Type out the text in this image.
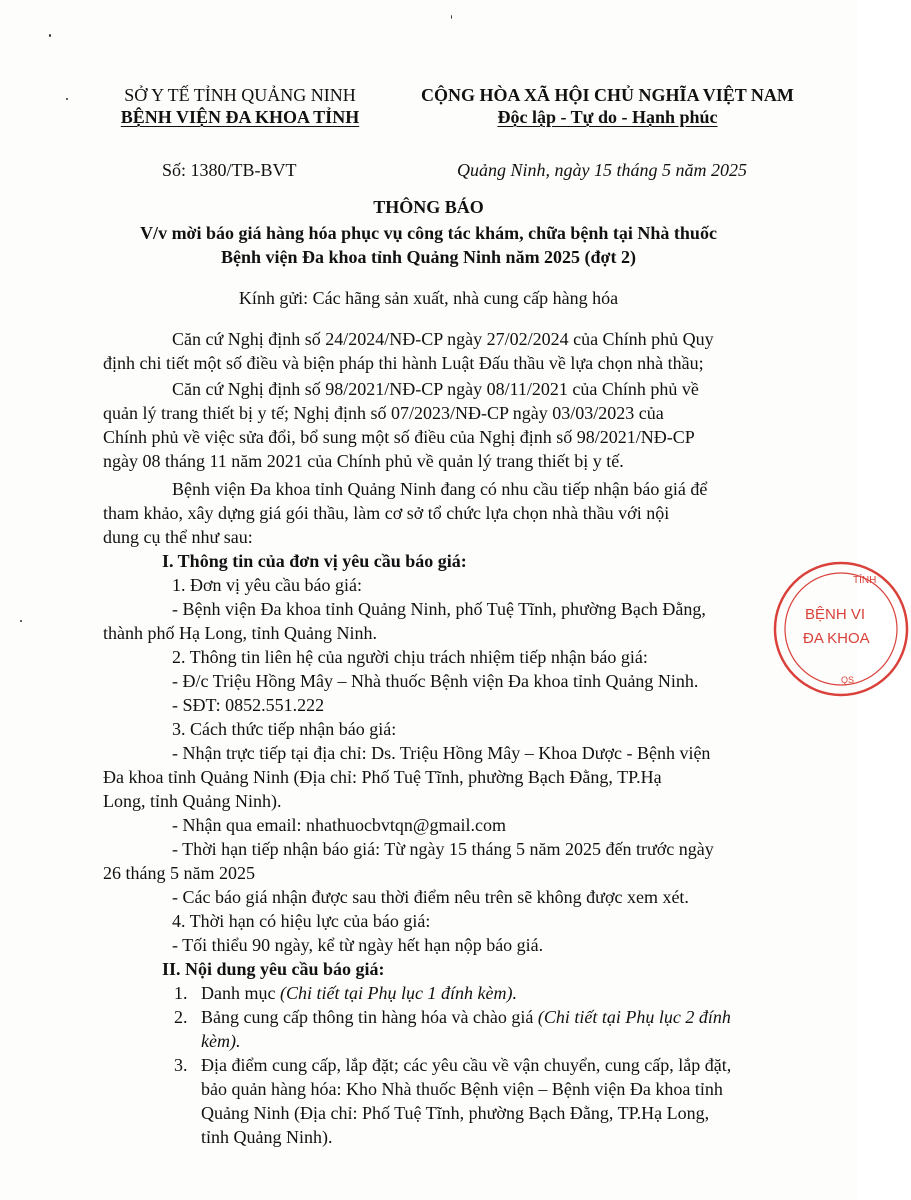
SỞ Y TẾ TỈNH QUẢNG NINH
BỆNH VIỆN ĐA KHOA TỈNH
CỘNG HÒA XÃ HỘI CHỦ NGHĨA VIỆT NAM
Độc lập - Tự do - Hạnh phúc
Số: 1380/TB-BVT	Quảng Ninh, ngày 15 tháng 5 năm 2025
THÔNG BÁO
V/v mời báo giá hàng hóa phục vụ công tác khám, chữa bệnh tại Nhà thuốc
Bệnh viện Đa khoa tỉnh Quảng Ninh năm 2025 (đợt 2)
Kính gửi: Các hãng sản xuất, nhà cung cấp hàng hóa
Căn cứ Nghị định số 24/2024/NĐ-CP ngày 27/02/2024 của Chính phủ Quy
định chi tiết một số điều và biện pháp thi hành Luật Đấu thầu về lựa chọn nhà thầu;
Căn cứ Nghị định số 98/2021/NĐ-CP ngày 08/11/2021 của Chính phủ về
quản lý trang thiết bị y tế; Nghị định số 07/2023/NĐ-CP ngày 03/03/2023 của
Chính phủ về việc sửa đổi, bổ sung một số điều của Nghị định số 98/2021/NĐ-CP
ngày 08 tháng 11 năm 2021 của Chính phủ về quản lý trang thiết bị y tế.
Bệnh viện Đa khoa tỉnh Quảng Ninh đang có nhu cầu tiếp nhận báo giá để
tham khảo, xây dựng giá gói thầu, làm cơ sở tổ chức lựa chọn nhà thầu với nội
dung cụ thể như sau:
I. Thông tin của đơn vị yêu cầu báo giá:
1. Đơn vị yêu cầu báo giá:
- Bệnh viện Đa khoa tỉnh Quảng Ninh, phố Tuệ Tĩnh, phường Bạch Đằng,
thành phố Hạ Long, tỉnh Quảng Ninh.
2. Thông tin liên hệ của người chịu trách nhiệm tiếp nhận báo giá:
- Đ/c Triệu Hồng Mây – Nhà thuốc Bệnh viện Đa khoa tỉnh Quảng Ninh.
- SĐT: 0852.551.222
3. Cách thức tiếp nhận báo giá:
- Nhận trực tiếp tại địa chỉ: Ds. Triệu Hồng Mây – Khoa Dược - Bệnh viện
Đa khoa tỉnh Quảng Ninh (Địa chỉ: Phố Tuệ Tĩnh, phường Bạch Đằng, TP.Hạ
Long, tỉnh Quảng Ninh).
- Nhận qua email: nhathuocbvtqn@gmail.com
- Thời hạn tiếp nhận báo giá: Từ ngày 15 tháng 5 năm 2025 đến trước ngày
26 tháng 5 năm 2025
- Các báo giá nhận được sau thời điểm nêu trên sẽ không được xem xét.
4. Thời hạn có hiệu lực của báo giá:
- Tối thiểu 90 ngày, kể từ ngày hết hạn nộp báo giá.
II. Nội dung yêu cầu báo giá:
1. Danh mục (Chi tiết tại Phụ lục 1 đính kèm).
2. Bảng cung cấp thông tin hàng hóa và chào giá (Chi tiết tại Phụ lục 2 đính
kèm).
3. Địa điểm cung cấp, lắp đặt; các yêu cầu về vận chuyển, cung cấp, lắp đặt,
bảo quản hàng hóa: Kho Nhà thuốc Bệnh viện – Bệnh viện Đa khoa tỉnh
Quảng Ninh (Địa chỉ: Phố Tuệ Tĩnh, phường Bạch Đằng, TP.Hạ Long,
tỉnh Quảng Ninh).
TỈNH
BỆNH VI
ĐA KHOA
QS
